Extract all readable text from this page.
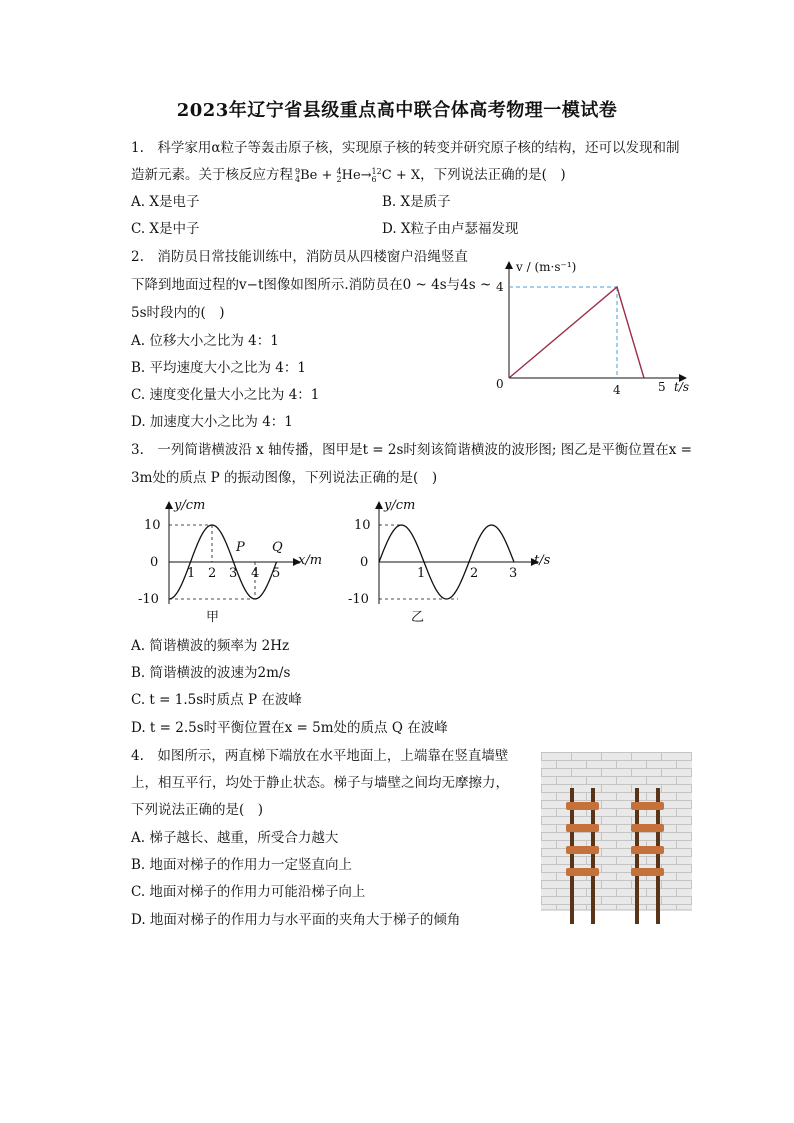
2023年辽宁省县级重点高中联合体高考物理一模试卷
1.　科学家用α粒子等轰击原子核，实现原子核的转变并研究原子核的结构，还可以发现和制
造新元素。关于核反应方程 9
4Be + 4
2He→12
6 C + X，下列说法正确的是(　)
A. X是电子	B. X是质子
C. X是中子	D. X粒子由卢瑟福发现
2.　消防员日常技能训练中，消防员从四楼窗户沿绳竖直
下降到地面过程的v−t图像如图所示.消防员在0 ~ 4s与4s ~
5s时段内的(　)
A. 位移大小之比为 4：1
B. 平均速度大小之比为 4：1
C. 速度变化量大小之比为 4：1
D. 加速度大小之比为 4：1
v / (m·s⁻¹)
4
0	4	5 t/s
3.　一列简谐横波沿 x 轴传播，图甲是t = 2s时刻该简谐横波的波形图; 图乙是平衡位置在x =
3m处的质点 P 的振动图像，下列说法正确的是(　)
y/cm
10
0
-10
1 2 3 4 5
P Q
x/m
甲
y/cm
10
0
-10
1	2 3
t/s
乙
A. 简谐横波的频率为 2Hz
B. 简谐横波的波速为2m/s
C. t = 1.5s时质点 P 在波峰
D. t = 2.5s时平衡位置在x = 5m处的质点 Q 在波峰
4.　如图所示，两直梯下端放在水平地面上，上端靠在竖直墙壁
上，相互平行，均处于静止状态。梯子与墙壁之间均无摩擦力，
下列说法正确的是(　)
A. 梯子越长、越重，所受合力越大
B. 地面对梯子的作用力一定竖直向上
C. 地面对梯子的作用力可能沿梯子向上
D. 地面对梯子的作用力与水平面的夹角大于梯子的倾角
